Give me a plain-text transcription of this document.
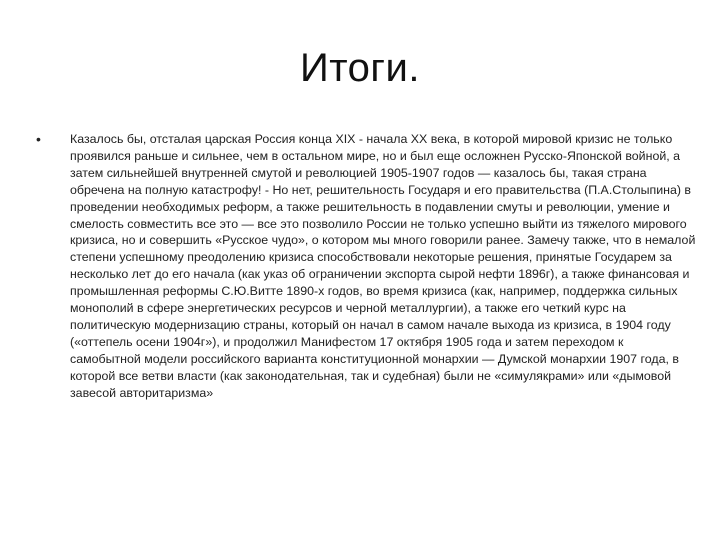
Итоги.
•	Казалось бы, отсталая царская Россия конца XIX - начала XX века, в которой мировой кризис не только проявился раньше и сильнее, чем в остальном мире, но и был еще осложнен Русско-Японской войной, а затем сильнейшей внутренней смутой и революцией 1905-1907 годов — казалось бы, такая страна обречена на полную катастрофу! - Но нет, решительность Государя и его правительства (П.А.Столыпина) в проведении необходимых реформ, а также решительность в подавлении смуты и революции, умение и смелость совместить все это — все это позволило России не только успешно выйти из тяжелого мирового кризиса, но и совершить «Русское чудо», о котором мы много говорили ранее. Замечу также, что в немалой степени успешному преодолению кризиса способствовали некоторые решения, принятые Государем за несколько лет до его начала (как указ об ограничении экспорта сырой нефти 1896г), а также финансовая и промышленная реформы С.Ю.Витте 1890-х годов, во время кризиса (как, например, поддержка сильных монополий в сфере энергетических ресурсов и черной металлургии), а также его четкий курс на политическую модернизацию страны, который он начал в самом начале выхода из кризиса, в 1904 году («оттепель осени 1904г»), и продолжил Манифестом 17 октября 1905 года и затем переходом к самобытной модели российского варианта конституционной монархии — Думской монархии 1907 года, в которой все ветви власти (как законодательная, так и судебная) были не «симулякрами» или «дымовой завесой авторитаризма»
